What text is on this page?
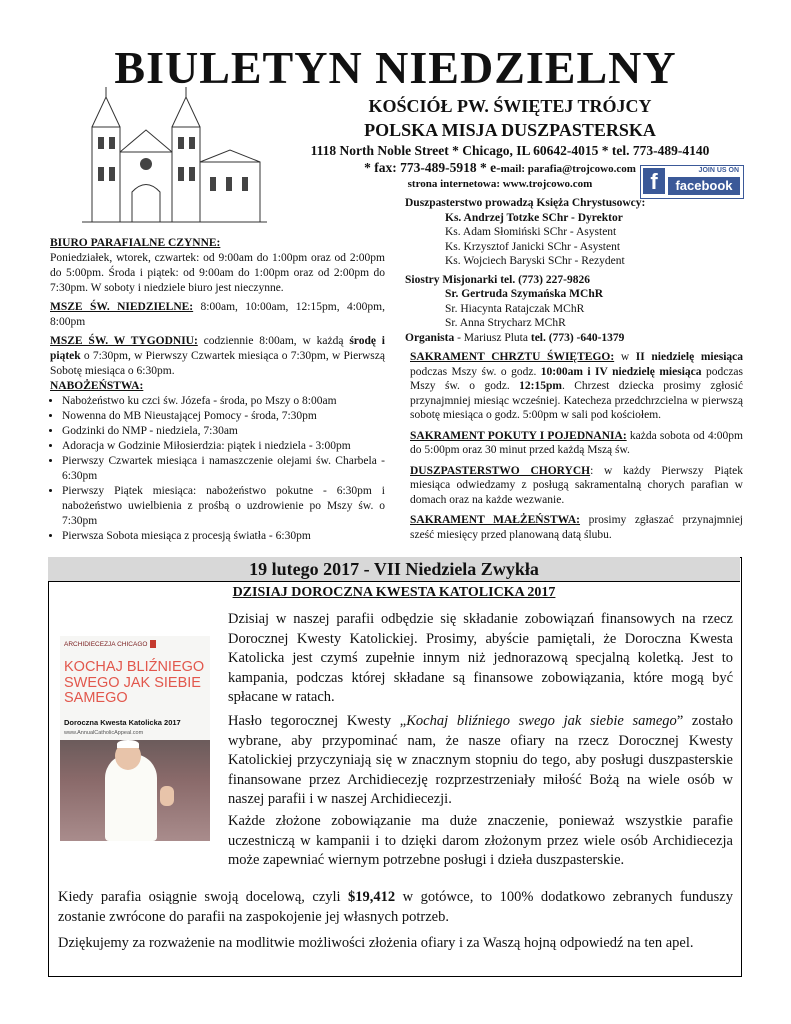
BIULETYN NIEDZIELNY
KOŚCIÓŁ PW. ŚWIĘTEJ TRÓJCY
POLSKA MISJA DUSZPASTERSKA
1118 North Noble Street * Chicago, IL 60642-4015 * tel. 773-489-4140
* fax: 773-489-5918 * e-mail: parafia@trojcowo.com
strona internetowa: www.trojcowo.com
JOIN US ON
f	facebook
Duszpasterstwo prowadzą Księża Chrystusowcy:
Ks. Andrzej Totzke SChr - Dyrektor
Ks. Adam Słomiński SChr - Asystent
Ks. Krzysztof Janicki SChr - Asystent
Ks. Wojciech Baryski SChr - Rezydent
Siostry Misjonarki tel. (773) 227-9826
Sr. Gertruda Szymańska MChR
Sr. Hiacynta Ratajczak MChR
Sr. Anna Strycharz MChR
Organista - Mariusz Pluta tel. (773) -640-1379

BIURO PARAFIALNE CZYNNE:
Poniedziałek, wtorek, czwartek: od 9:00am do 1:00pm oraz od 2:00pm do 5:00pm. Środa i piątek: od 9:00am do 1:00pm oraz od 2:00pm do 7:30pm. W soboty i niedziele biuro jest nieczynne.

MSZE ŚW. NIEDZIELNE: 8:00am, 10:00am, 12:15pm, 4:00pm, 8:00pm

MSZE ŚW. W TYGODNIU: codziennie 8:00am, w każdą środę i piątek o 7:30pm, w Pierwszy Czwartek miesiąca o 7:30pm, w Pierwszą Sobotę miesiąca o 6:30pm.

NABOŻEŃSTWA:
• Nabożeństwo ku czci św. Józefa - środa, po Mszy o 8:00am
• Nowenna do MB Nieustającej Pomocy - środa, 7:30pm
• Godzinki do NMP - niedziela, 7:30am
• Adoracja w Godzinie Miłosierdzia: piątek i niedziela - 3:00pm
• Pierwszy Czwartek miesiąca i namaszczenie olejami św. Charbela - 6:30pm
• Pierwszy Piątek miesiąca: nabożeństwo pokutne - 6:30pm i nabożeństwo uwielbienia z prośbą o uzdrowienie po Mszy św. o 7:30pm
• Pierwsza Sobota miesiąca z procesją światła - 6:30pm

SAKRAMENT CHRZTU ŚWIĘTEGO: w II niedzielę miesiąca podczas Mszy św. o godz. 10:00am i IV niedzielę miesiąca podczas Mszy św. o godz. 12:15pm. Chrzest dziecka prosimy zgłosić przynajmniej miesiąc wcześniej. Katecheza przedchrzcielna w pierwszą sobotę miesiąca o godz. 5:00pm w sali pod kościołem.

SAKRAMENT POKUTY I POJEDNANIA: każda sobota od 4:00pm do 5:00pm oraz 30 minut przed każdą Mszą św.

DUSZPASTERSTWO CHORYCH: w każdy Pierwszy Piątek miesiąca odwiedzamy z posługą sakramentalną chorych parafian w domach oraz na każde wezwanie.

SAKRAMENT MAŁŻEŃSTWA: prosimy zgłaszać przynajmniej sześć miesięcy przed planowaną datą ślubu.

19 lutego 2017 - VII Niedziela Zwykła
DZISIAJ DOROCZNA KWESTA KATOLICKA 2017
ARCHIDIECEZJA CHICAGO
KOCHAJ BLIŹNIEGO SWEGO JAK SIEBIE SAMEGO
Doroczna Kwesta Katolicka 2017
www.AnnualCatholicAppeal.com
Dzisiaj w naszej parafii odbędzie się składanie zobowiązań finansowych na rzecz Dorocznej Kwesty Katolickiej. Prosimy, abyście pamiętali, że Doroczna Kwesta Katolicka jest czymś zupełnie innym niż jednorazową specjalną koletką. Jest to kampania, podczas której składane są finansowe zobowiązania, które mogą być spłacane w ratach.
Hasło tegorocznej Kwesty „Kochaj bliźniego swego jak siebie samego” zostało wybrane, aby przypominać nam, że nasze ofiary na rzecz Dorocznej Kwesty Katolickiej przyczyniają się w znacznym stopniu do tego, aby posługi duszpasterskie finansowane przez Archidiecezję rozprzestrzeniały miłość Bożą na wiele osób w naszej parafii i w naszej Archidiecezji.
Każde złożone zobowiązanie ma duże znaczenie, ponieważ wszystkie parafie uczestniczą w kampanii i to dzięki darom złożonym przez wiele osób Archidiecezja może zapewniać wiernym potrzebne posługi i dzieła duszpasterskie.
Kiedy parafia osiągnie swoją docelową, czyli $19,412 w gotówce, to 100% dodatkowo zebranych funduszy zostanie zwrócone do parafii na zaspokojenie jej własnych potrzeb.
Dziękujemy za rozważenie na modlitwie możliwości złożenia ofiary i za Waszą hojną odpowiedź na ten apel.
